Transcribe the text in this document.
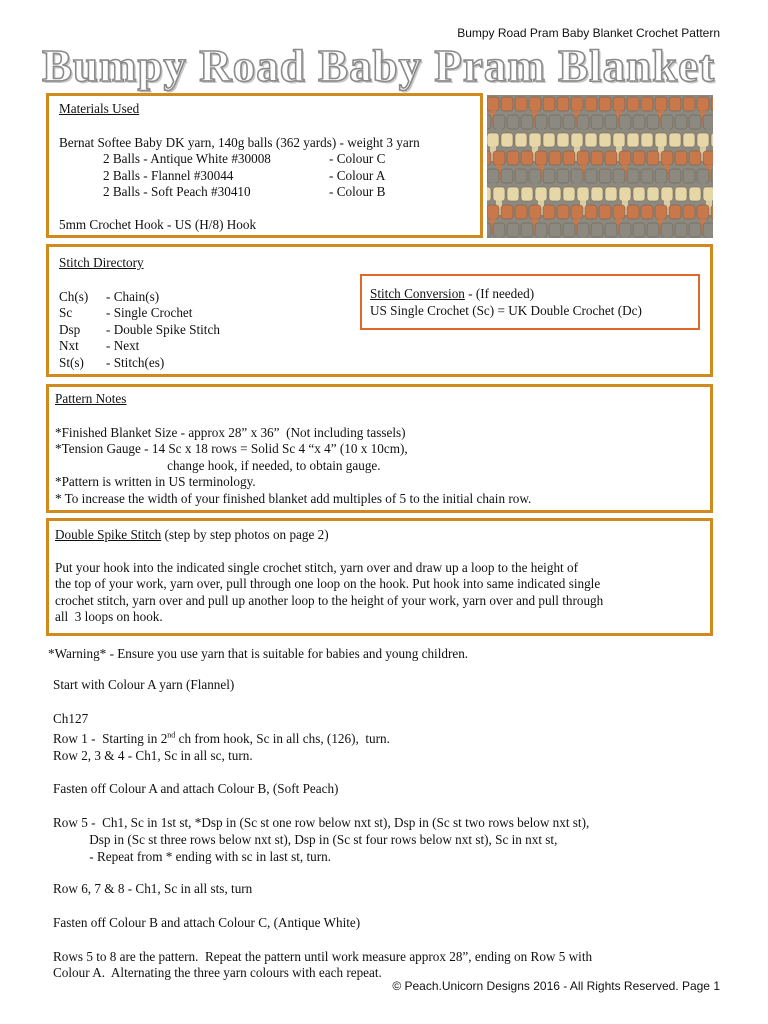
Bumpy Road Pram Baby Blanket Crochet Pattern
Bumpy Road Baby Pram Blanket
Materials Used
Bernat Softee Baby DK yarn, 140g balls (362 yards) - weight 3 yarn
2 Balls - Antique White #30008	- Colour C
2 Balls - Flannel #30044	- Colour A
2 Balls - Soft Peach #30410	- Colour B
5mm Crochet Hook - US (H/8) Hook
Stitch Directory
Ch(s)	- Chain(s)
Sc	- Single Crochet
Dsp	- Double Spike Stitch
Nxt	- Next
St(s)	- Stitch(es)
Stitch Conversion - (If needed)
US Single Crochet (Sc) = UK Double Crochet (Dc)
Pattern Notes
*Finished Blanket Size - approx 28” x 36”  (Not including tassels)
*Tension Gauge - 14 Sc x 18 rows = Solid Sc 4 “x 4” (10 x 10cm),
change hook, if needed, to obtain gauge.
*Pattern is written in US terminology.
* To increase the width of your finished blanket add multiples of 5 to the initial chain row.
Double Spike Stitch (step by step photos on page 2)
Put your hook into the indicated single crochet stitch, yarn over and draw up a loop to the height of
the top of your work, yarn over, pull through one loop on the hook. Put hook into same indicated single
crochet stitch, yarn over and pull up another loop to the height of your work, yarn over and pull through
all  3 loops on hook.
*Warning* - Ensure you use yarn that is suitable for babies and young children.
Start with Colour A yarn (Flannel)
Ch127
Row 1 -  Starting in 2nd ch from hook, Sc in all chs, (126),  turn.
Row 2, 3 & 4 - Ch1, Sc in all sc, turn.
Fasten off Colour A and attach Colour B, (Soft Peach)
Row 5 -  Ch1, Sc in 1st st, *Dsp in (Sc st one row below nxt st), Dsp in (Sc st two rows below nxt st),
Dsp in (Sc st three rows below nxt st), Dsp in (Sc st four rows below nxt st), Sc in nxt st,
- Repeat from * ending with sc in last st, turn.
Row 6, 7 & 8 - Ch1, Sc in all sts, turn
Fasten off Colour B and attach Colour C, (Antique White)
Rows 5 to 8 are the pattern.  Repeat the pattern until work measure approx 28”, ending on Row 5 with
Colour A.  Alternating the three yarn colours with each repeat.
© Peach.Unicorn Designs 2016 - All Rights Reserved. Page 1
